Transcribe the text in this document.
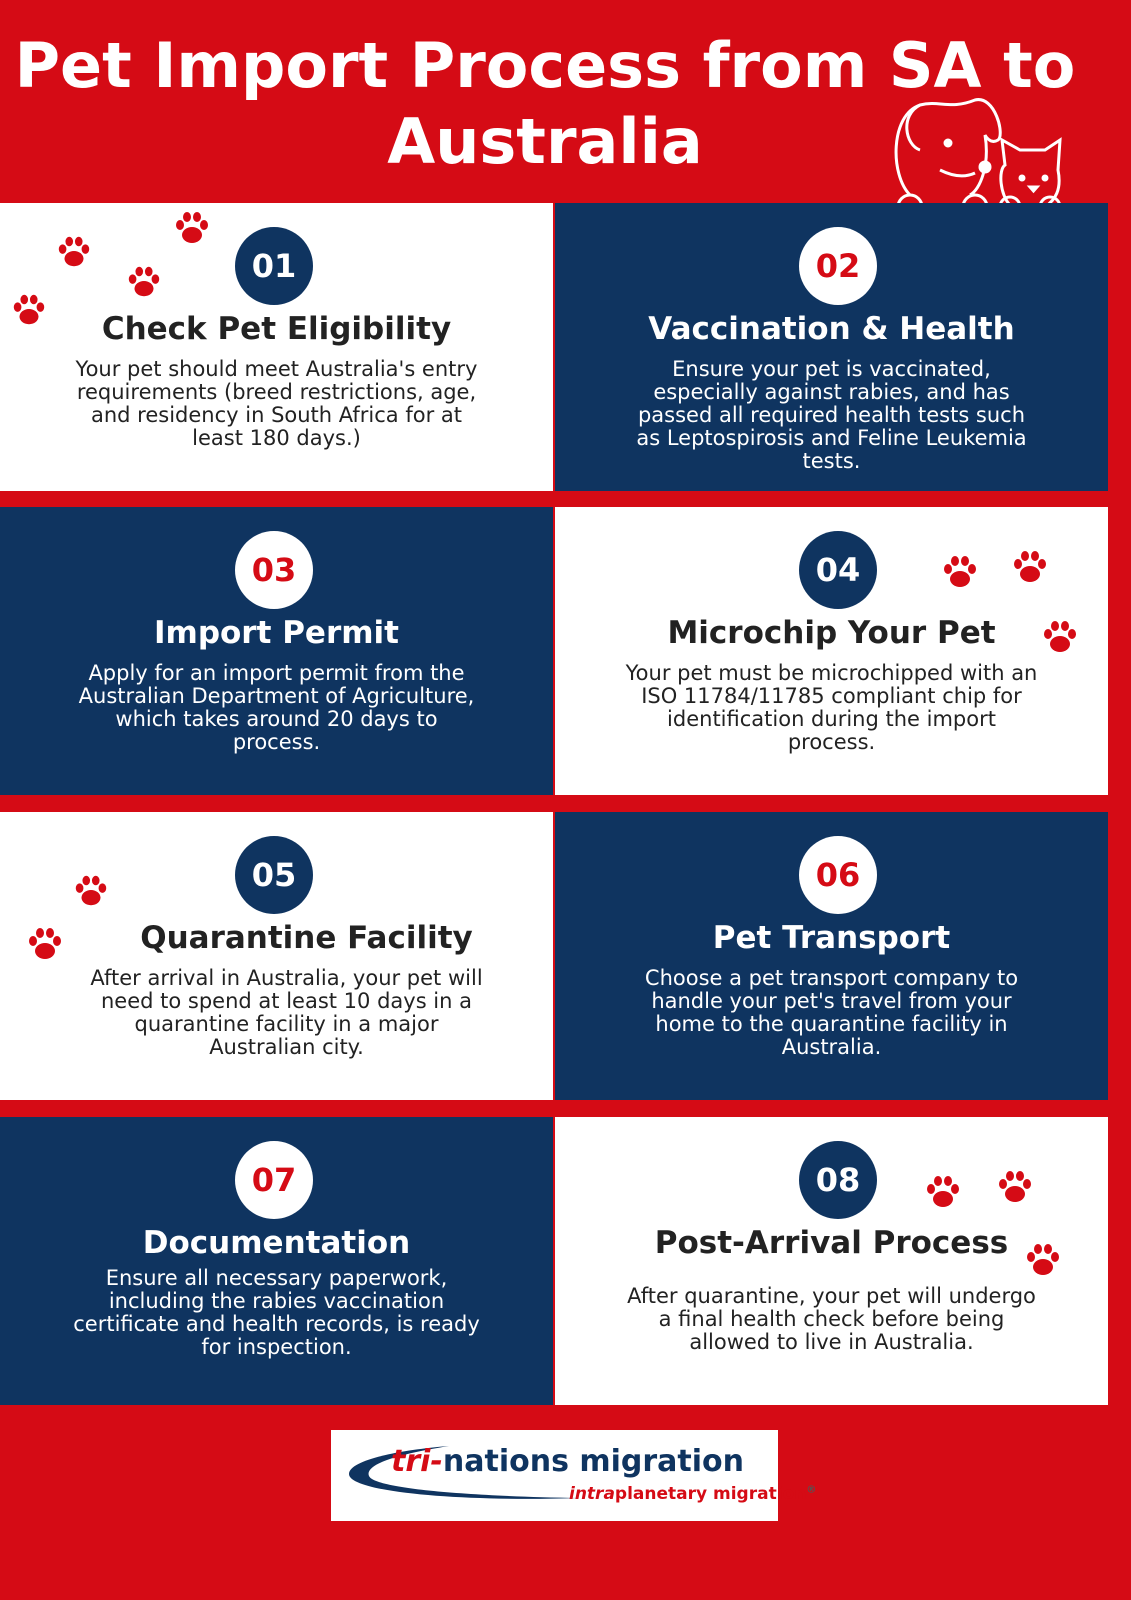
Pet Import Process from SA to Australia
01
Check Pet Eligibility
Your pet should meet Australia's entry requirements (breed restrictions, age, and residency in South Africa for at least 180 days.)
02
Vaccination & Health
Ensure your pet is vaccinated, especially against rabies, and has passed all required health tests such as Leptospirosis and Feline Leukemia tests.
03
Import Permit
Apply for an import permit from the Australian Department of Agriculture, which takes around 20 days to process.
04
Microchip Your Pet
Your pet must be microchipped with an ISO 11784/11785 compliant chip for identification during the import process.
05
Quarantine Facility
After arrival in Australia, your pet will need to spend at least 10 days in a quarantine facility in a major Australian city.
06
Pet Transport
Choose a pet transport company to handle your pet's travel from your home to the quarantine facility in Australia.
07
Documentation
Ensure all necessary paperwork, including the rabies vaccination certificate and health records, is ready for inspection.
08
Post-Arrival Process
After quarantine, your pet will undergo a final health check before being allowed to live in Australia.
tri-nations migration
intraplanetary migration®
